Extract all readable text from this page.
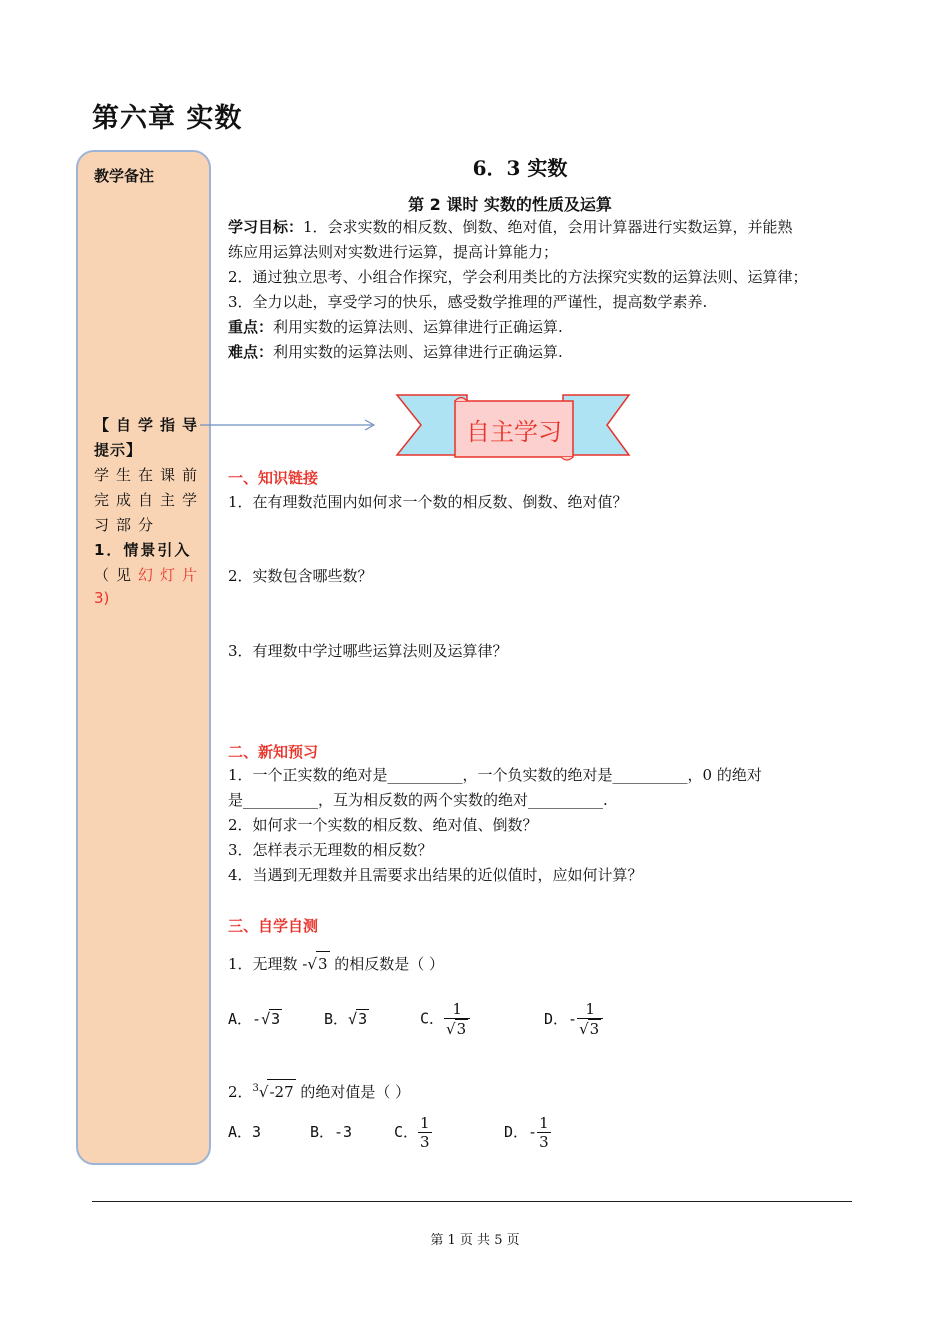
第六章 实数
教学备注
【自学指导
提示】
学生在课前
完成自主学
习部分
1．情景引入
（见幻灯片
3)
6．3 实数
第 2 课时 实数的性质及运算
学习目标：1．会求实数的相反数、倒数、绝对值，会用计算器进行实数运算，并能熟
练应用运算法则对实数进行运算，提高计算能力；
2．通过独立思考、小组合作探究，学会利用类比的方法探究实数的运算法则、运算律；
3．全力以赴，享受学习的快乐，感受数学推理的严谨性，提高数学素养.
重点：利用实数的运算法则、运算律进行正确运算.
难点：利用实数的运算法则、运算律进行正确运算.
自主学习
一、知识链接
1．在有理数范围内如何求一个数的相反数、倒数、绝对值？
2．实数包含哪些数？
3．有理数中学过哪些运算法则及运算律？
二、新知预习
1．一个正实数的绝对是__________，一个负实数的绝对是__________，0 的绝对
是__________，互为相反数的两个实数的绝对__________.
2．如何求一个实数的相反数、绝对值、倒数？
3．怎样表示无理数的相反数？
4．当遇到无理数并且需要求出结果的近似值时，应如何计算？
三、自学自测
1．无理数 -√3 的相反数是（ ）
A．-√3	B．√3	C． $\frac{1}{√3}$	D．- $\frac{1}{√3}$
2．$^3$√-27 的绝对值是（ ）
A．3	B．-3	C． $\frac{1}{3}$	D．- $\frac{1}{3}$
第 1 页 共 5 页
